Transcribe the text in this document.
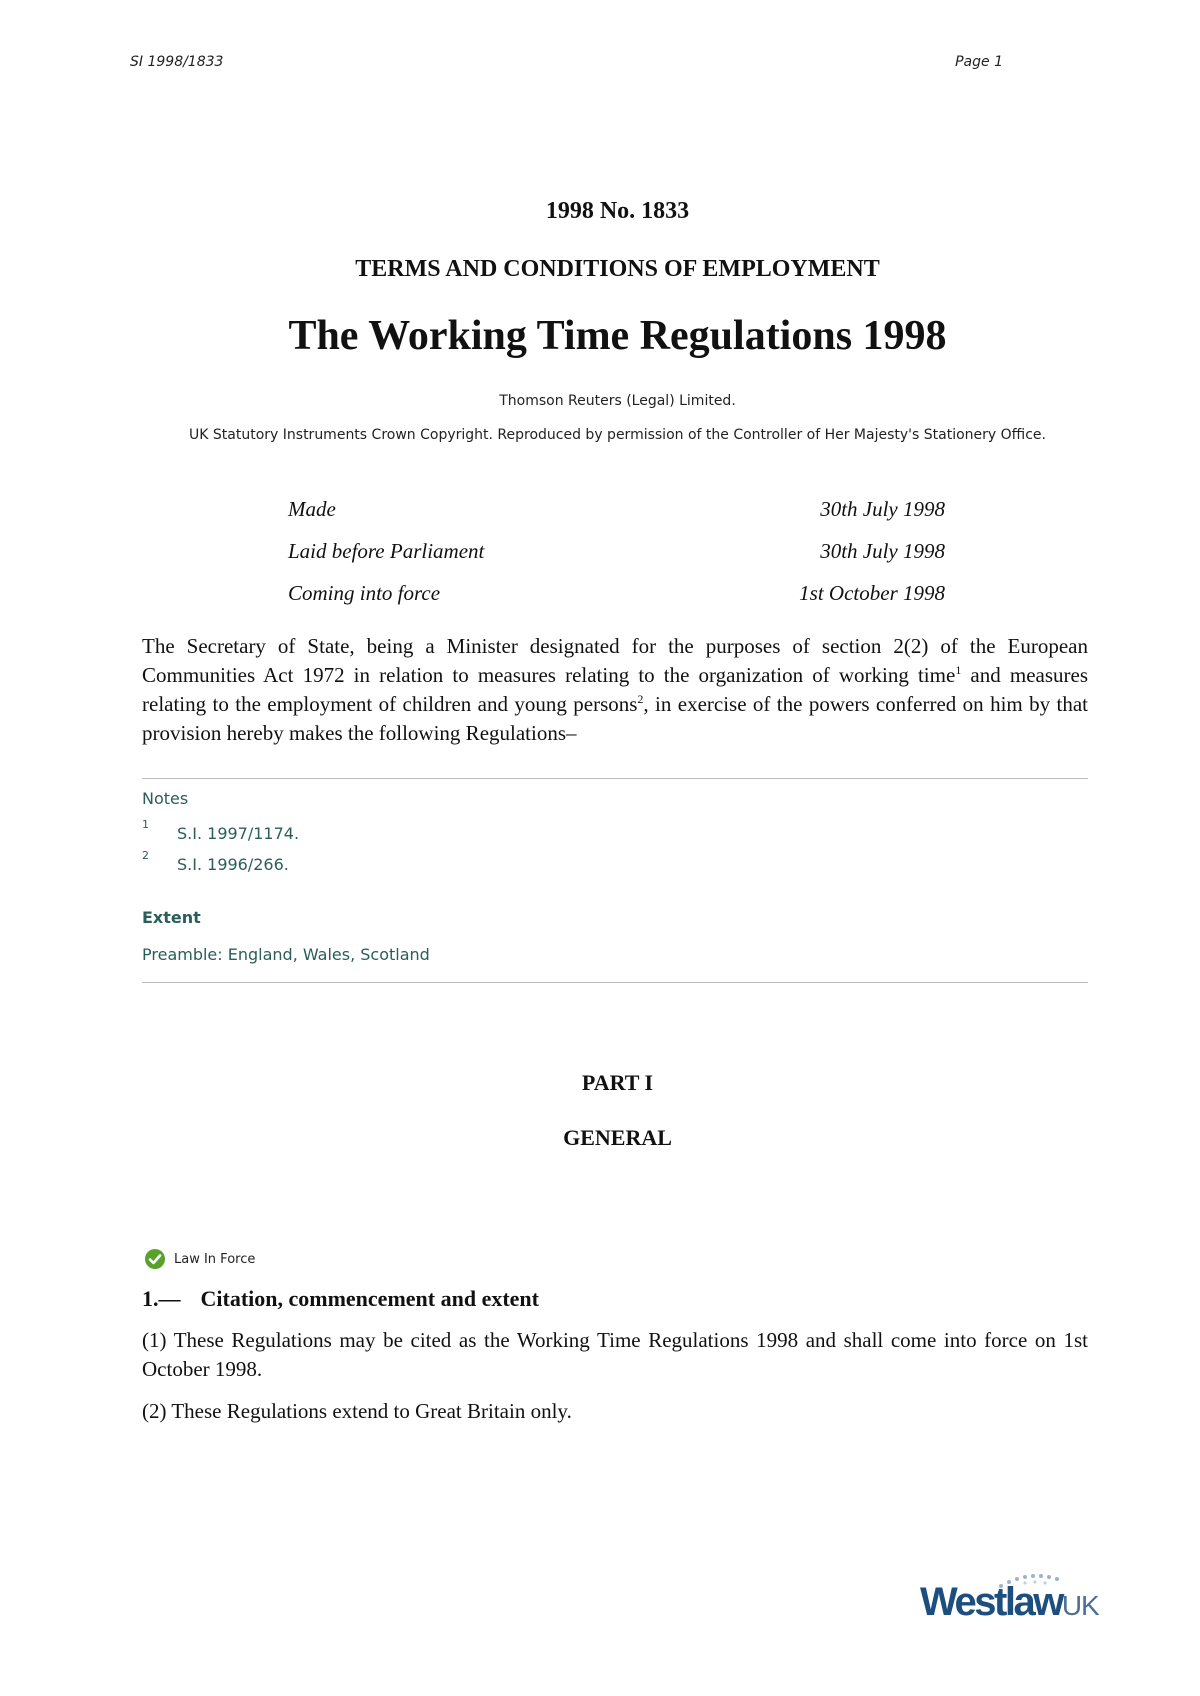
SI 1998/1833	Page 1
1998 No. 1833
TERMS AND CONDITIONS OF EMPLOYMENT
The Working Time Regulations 1998
Thomson Reuters (Legal) Limited.
UK Statutory Instruments Crown Copyright. Reproduced by permission of the Controller of Her Majesty's Stationery Office.
Made	30th July 1998
Laid before Parliament	30th July 1998
Coming into force	1st October 1998
The Secretary of State, being a Minister designated for the purposes of section 2(2) of the European Communities Act 1972 in relation to measures relating to the organization of working time$^1$ and measures relating to the employment of children and young persons$^2$, in exercise of the powers conferred on him by that provision hereby makes the following Regulations–
Notes
1 S.I. 1997/1174.
2 S.I. 1996/266.
Extent
Preamble: England, Wales, Scotland
PART I
GENERAL
Law In Force
1.— Citation, commencement and extent
(1) These Regulations may be cited as the Working Time Regulations 1998 and shall come into force on 1st October 1998.
(2) These Regulations extend to Great Britain only.
WestlawUK
